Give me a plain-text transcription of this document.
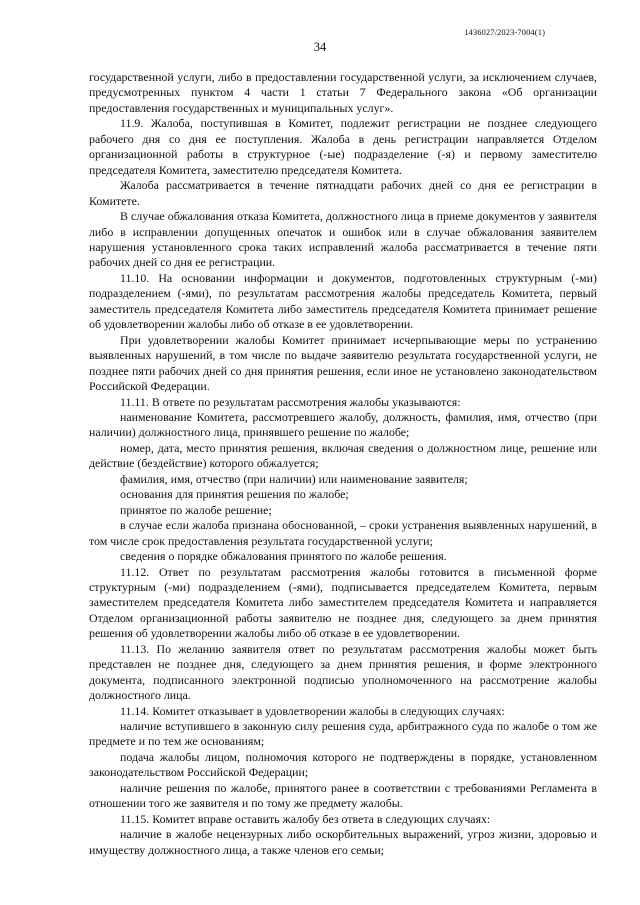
1436027/2023-7004(1)
34

государственной услуги, либо в предоставлении государственной услуги, за исключением случаев, предусмотренных пунктом 4 части 1 статьи 7 Федерального закона «Об организации предоставления государственных и муниципальных услуг».

11.9. Жалоба, поступившая в Комитет, подлежит регистрации не позднее следующего рабочего дня со дня ее поступления. Жалоба в день регистрации направляется Отделом организационной работы в структурное (-ые) подразделение (-я) и первому заместителю председателя Комитета, заместителю председателя Комитета.

Жалоба рассматривается в течение пятнадцати рабочих дней со дня ее регистрации в Комитете.

В случае обжалования отказа Комитета, должностного лица в приеме документов у заявителя либо в исправлении допущенных опечаток и ошибок или в случае обжалования заявителем нарушения установленного срока таких исправлений жалоба рассматривается в течение пяти рабочих дней со дня ее регистрации.

11.10. На основании информации и документов, подготовленных структурным (-ми) подразделением (-ями), по результатам рассмотрения жалобы председатель Комитета, первый заместитель председателя Комитета либо заместитель председателя Комитета принимает решение об удовлетворении жалобы либо об отказе в ее удовлетворении.

При удовлетворении жалобы Комитет принимает исчерпывающие меры по устранению выявленных нарушений, в том числе по выдаче заявителю результата государственной услуги, не позднее пяти рабочих дней со дня принятия решения, если иное не установлено законодательством Российской Федерации.

11.11. В ответе по результатам рассмотрения жалобы указываются:

наименование Комитета, рассмотревшего жалобу, должность, фамилия, имя, отчество (при наличии) должностного лица, принявшего решение по жалобе;

номер, дата, место принятия решения, включая сведения о должностном лице, решение или действие (бездействие) которого обжалуется;

фамилия, имя, отчество (при наличии) или наименование заявителя;

основания для принятия решения по жалобе;

принятое по жалобе решение;

в случае если жалоба признана обоснованной, – сроки устранения выявленных нарушений, в том числе срок предоставления результата государственной услуги;

сведения о порядке обжалования принятого по жалобе решения.

11.12. Ответ по результатам рассмотрения жалобы готовится в письменной форме структурным (-ми) подразделением (-ями), подписывается председателем Комитета, первым заместителем председателя Комитета либо заместителем председателя Комитета и направляется Отделом организационной работы заявителю не позднее дня, следующего за днем принятия решения об удовлетворении жалобы либо об отказе в ее удовлетворении.

11.13. По желанию заявителя ответ по результатам рассмотрения жалобы может быть представлен не позднее дня, следующего за днем принятия решения, в форме электронного документа, подписанного электронной подписью уполномоченного на рассмотрение жалобы должностного лица.

11.14. Комитет отказывает в удовлетворении жалобы в следующих случаях:

наличие вступившего в законную силу решения суда, арбитражного суда по жалобе о том же предмете и по тем же основаниям;

подача жалобы лицом, полномочия которого не подтверждены в порядке, установленном законодательством Российской Федерации;

наличие решения по жалобе, принятого ранее в соответствии с требованиями Регламента в отношении того же заявителя и по тому же предмету жалобы.

11.15. Комитет вправе оставить жалобу без ответа в следующих случаях:

наличие в жалобе нецензурных либо оскорбительных выражений, угроз жизни, здоровью и имуществу должностного лица, а также членов его семьи;
